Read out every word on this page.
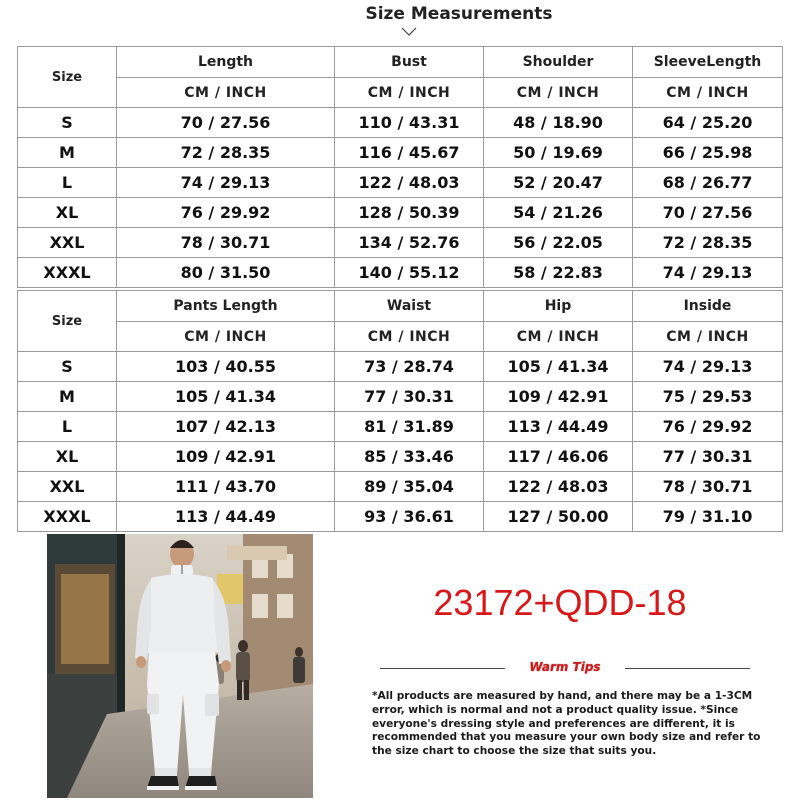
Size Measurements
Size	Length	Bust	Shoulder	SleeveLength
	CM / INCH	CM / INCH	CM / INCH	CM / INCH
S	70 / 27.56	110 / 43.31	48 / 18.90	64 / 25.20
M	72 / 28.35	116 / 45.67	50 / 19.69	66 / 25.98
L	74 / 29.13	122 / 48.03	52 / 20.47	68 / 26.77
XL	76 / 29.92	128 / 50.39	54 / 21.26	70 / 27.56
XXL	78 / 30.71	134 / 52.76	56 / 22.05	72 / 28.35
XXXL	80 / 31.50	140 / 55.12	58 / 22.83	74 / 29.13
Size	Pants Length	Waist	Hip	Inside
	CM / INCH	CM / INCH	CM / INCH	CM / INCH
S	103 / 40.55	73 / 28.74	105 / 41.34	74 / 29.13
M	105 / 41.34	77 / 30.31	109 / 42.91	75 / 29.53
L	107 / 42.13	81 / 31.89	113 / 44.49	76 / 29.92
XL	109 / 42.91	85 / 33.46	117 / 46.06	77 / 30.31
XXL	111 / 43.70	89 / 35.04	122 / 48.03	78 / 30.71
XXXL	113 / 44.49	93 / 36.61	127 / 50.00	79 / 31.10
23172+QDD-18
Warm Tips
*All products are measured by hand, and there may be a 1-3CM error, which is normal and not a product quality issue. *Since everyone's dressing style and preferences are different, it is recommended that you measure your own body size and refer to the size chart to choose the size that suits you.
